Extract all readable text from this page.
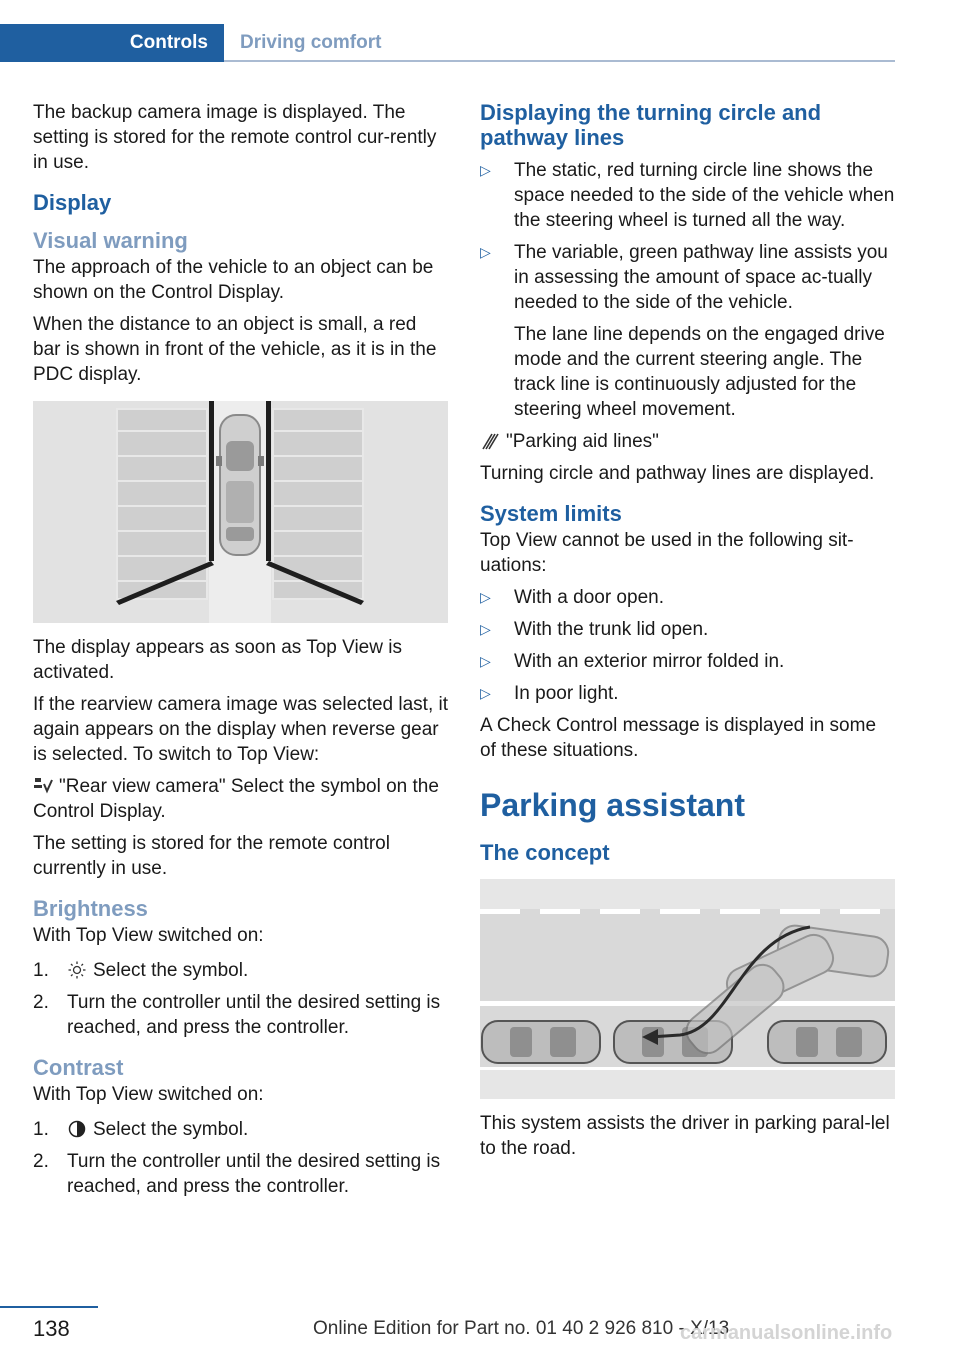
Controls	Driving comfort

The backup camera image is displayed. The setting is stored for the remote control cur‐rently in use.

Display
Visual warning

The approach of the vehicle to an object can be shown on the Control Display.

When the distance to an object is small, a red bar is shown in front of the vehicle, as it is in the PDC display.

The display appears as soon as Top View is activated.

If the rearview camera image was selected last, it again appears on the display when reverse gear is selected. To switch to Top View:

"Rear view camera" Select the symbol on the Control Display.

The setting is stored for the remote control currently in use.

Brightness

With Top View switched on:

1. Select the symbol.
2. Turn the controller until the desired setting is reached, and press the controller.
Contrast

With Top View switched on:

1. Select the symbol.
2. Turn the controller until the desired setting is reached, and press the controller.
Displaying the turning circle and pathway lines
▷ The static, red turning circle line shows the space needed to the side of the vehicle when the steering wheel is turned all the way.
▷ The variable, green pathway line assists you in assessing the amount of space ac‐tually needed to the side of the vehicle.
The lane line depends on the engaged drive mode and the current steering angle. The track line is continuously adjusted for the steering wheel movement.

"Parking aid lines"

Turning circle and pathway lines are displayed.

System limits

Top View cannot be used in the following sit‐uations:

▷ With a door open.
▷ With the trunk lid open.
▷ With an exterior mirror folded in.
▷ In poor light.

A Check Control message is displayed in some of these situations.

Parking assistant
The concept

This system assists the driver in parking paral‐lel to the road.

138	Online Edition for Part no. 01 40 2 926 810 - X/13
carmanualsonline.info
